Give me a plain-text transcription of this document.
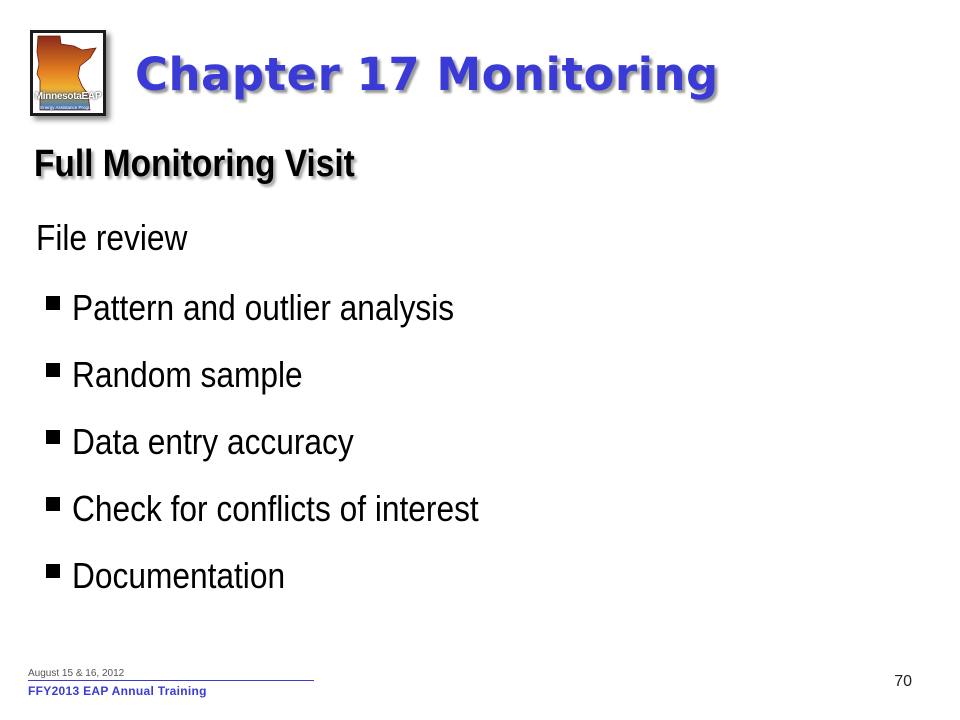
MinnesotaEAP
Energy Assistance Program
Chapter 17 Monitoring
Full Monitoring Visit
File review
Pattern and outlier analysis
Random sample
Data entry accuracy
Check for conflicts of interest
Documentation
August 15 & 16, 2012
FFY2013 EAP Annual Training
70
